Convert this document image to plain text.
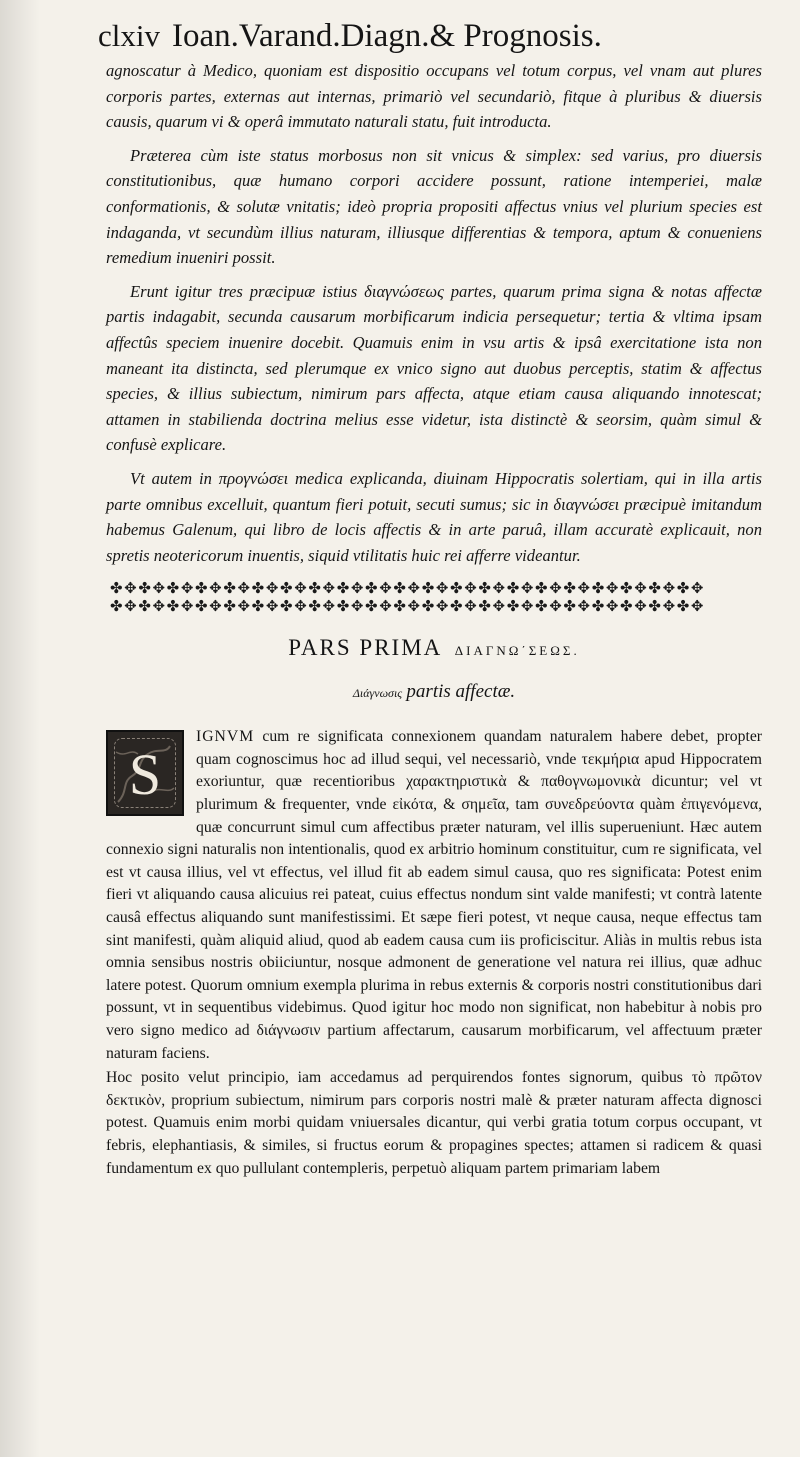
clxiv Ioan.Varand.Diagn.& Prognosis.

agnoscatur à Medico, quoniam est dispositio occupans vel totum corpus, vel vnam aut plures corporis partes, externas aut internas, primariò vel secundariò, fitque à pluribus & diuersis causis, quarum vi & operâ immutato naturali statu, fuit introducta.

Præterea cùm iste status morbosus non sit vnicus & simplex: sed varius, pro diuersis constitutionibus, quæ humano corpori accidere possunt, ratione intemperiei, malæ conformationis, & solutæ vnitatis; ideò propria propositi affectus vnius vel plurium species est indaganda, vt secundùm illius naturam, illiusque differentias & tempora, aptum & conueniens remedium inueniri possit.

Erunt igitur tres præcipuæ istius διαγνώσεως partes, quarum prima signa & notas affectæ partis indagabit, secunda causarum morbificarum indicia persequetur; tertia & vltima ipsam affectûs speciem inuenire docebit. Quamuis enim in vsu artis & ipsâ exercitatione ista non maneant ita distincta, sed plerumque ex vnico signo aut duobus perceptis, statim & affectus species, & illius subiectum, nimirum pars affecta, atque etiam causa aliquando innotescat; attamen in stabilienda doctrina melius esse videtur, ista distinctè & seorsim, quàm simul & confusè explicare.

Vt autem in προγνώσει medica explicanda, diuinam Hippocratis solertiam, qui in illa artis parte omnibus excelluit, quantum fieri potuit, secuti sumus; sic in διαγνώσει præcipuè imitandum habemus Galenum, qui libro de locis affectis & in arte paruâ, illam accuratè explicauit, non spretis neotericorum inuentis, siquid vtilitatis huic rei afferre videantur.

✤✥✤✥✤✥✤✥✤✥✤✥✤✥✤✥✤✥✤✥✤✥✤✥✤✥✤✥✤✥✤✥✤✥✤✥✤✥✤✥✤✥
✤✥✤✥✤✥✤✥✤✥✤✥✤✥✤✥✤✥✤✥✤✥✤✥✤✥✤✥✤✥✤✥✤✥✤✥✤✥✤✥✤✥
PARS PRIMA ΔΙΑΓΝΩ΄ΣΕΩΣ.
Διάγνωσις partis affectæ.
S

IGNVM cum re significata connexionem quandam naturalem habere debet, propter quam cognoscimus hoc ad illud sequi, vel necessariò, vnde τεκμήρια apud Hippocratem exoriuntur, quæ recentioribus χαρακτηριστικὰ & παθογνωμονικὰ dicuntur; vel vt plurimum & frequenter, vnde εἰκότα, & σημεῖα, tam συνεδρεύοντα quàm ἐπιγενόμενα, quæ concurrunt simul cum affectibus præter naturam, vel illis superueniunt. Hæc autem connexio signi naturalis non intentionalis, quod ex arbitrio hominum constituitur, cum re significata, vel est vt causa illius, vel vt effectus, vel illud fit ab eadem simul causa, quo res significata: Potest enim fieri vt aliquando causa alicuius rei pateat, cuius effectus nondum sint valde manifesti; vt contrà latente causâ effectus aliquando sunt manifestissimi. Et sæpe fieri potest, vt neque causa, neque effectus tam sint manifesti, quàm aliquid aliud, quod ab eadem causa cum iis proficiscitur. Aliàs in multis rebus ista omnia sensibus nostris obiiciuntur, nosque admonent de generatione vel natura rei illius, quæ adhuc latere potest. Quorum omnium exempla plurima in rebus externis & corporis nostri constitutionibus dari possunt, vt in sequentibus videbimus. Quod igitur hoc modo non significat, non habebitur à nobis pro vero signo medico ad διάγνωσιν partium affectarum, causarum morbificarum, vel affectuum præter naturam faciens.

Hoc posito velut principio, iam accedamus ad perquirendos fontes signorum, quibus τὸ πρῶτον δεκτικὸν, proprium subiectum, nimirum pars corporis nostri malè & præter naturam affecta dignosci potest. Quamuis enim morbi quidam vniuersales dicantur, qui verbi gratia totum corpus occupant, vt febris, elephantiasis, & similes, si fructus eorum & propagines spectes; attamen si radicem & quasi fundamentum ex quo pullulant contempleris, perpetuò aliquam partem primariam labem
